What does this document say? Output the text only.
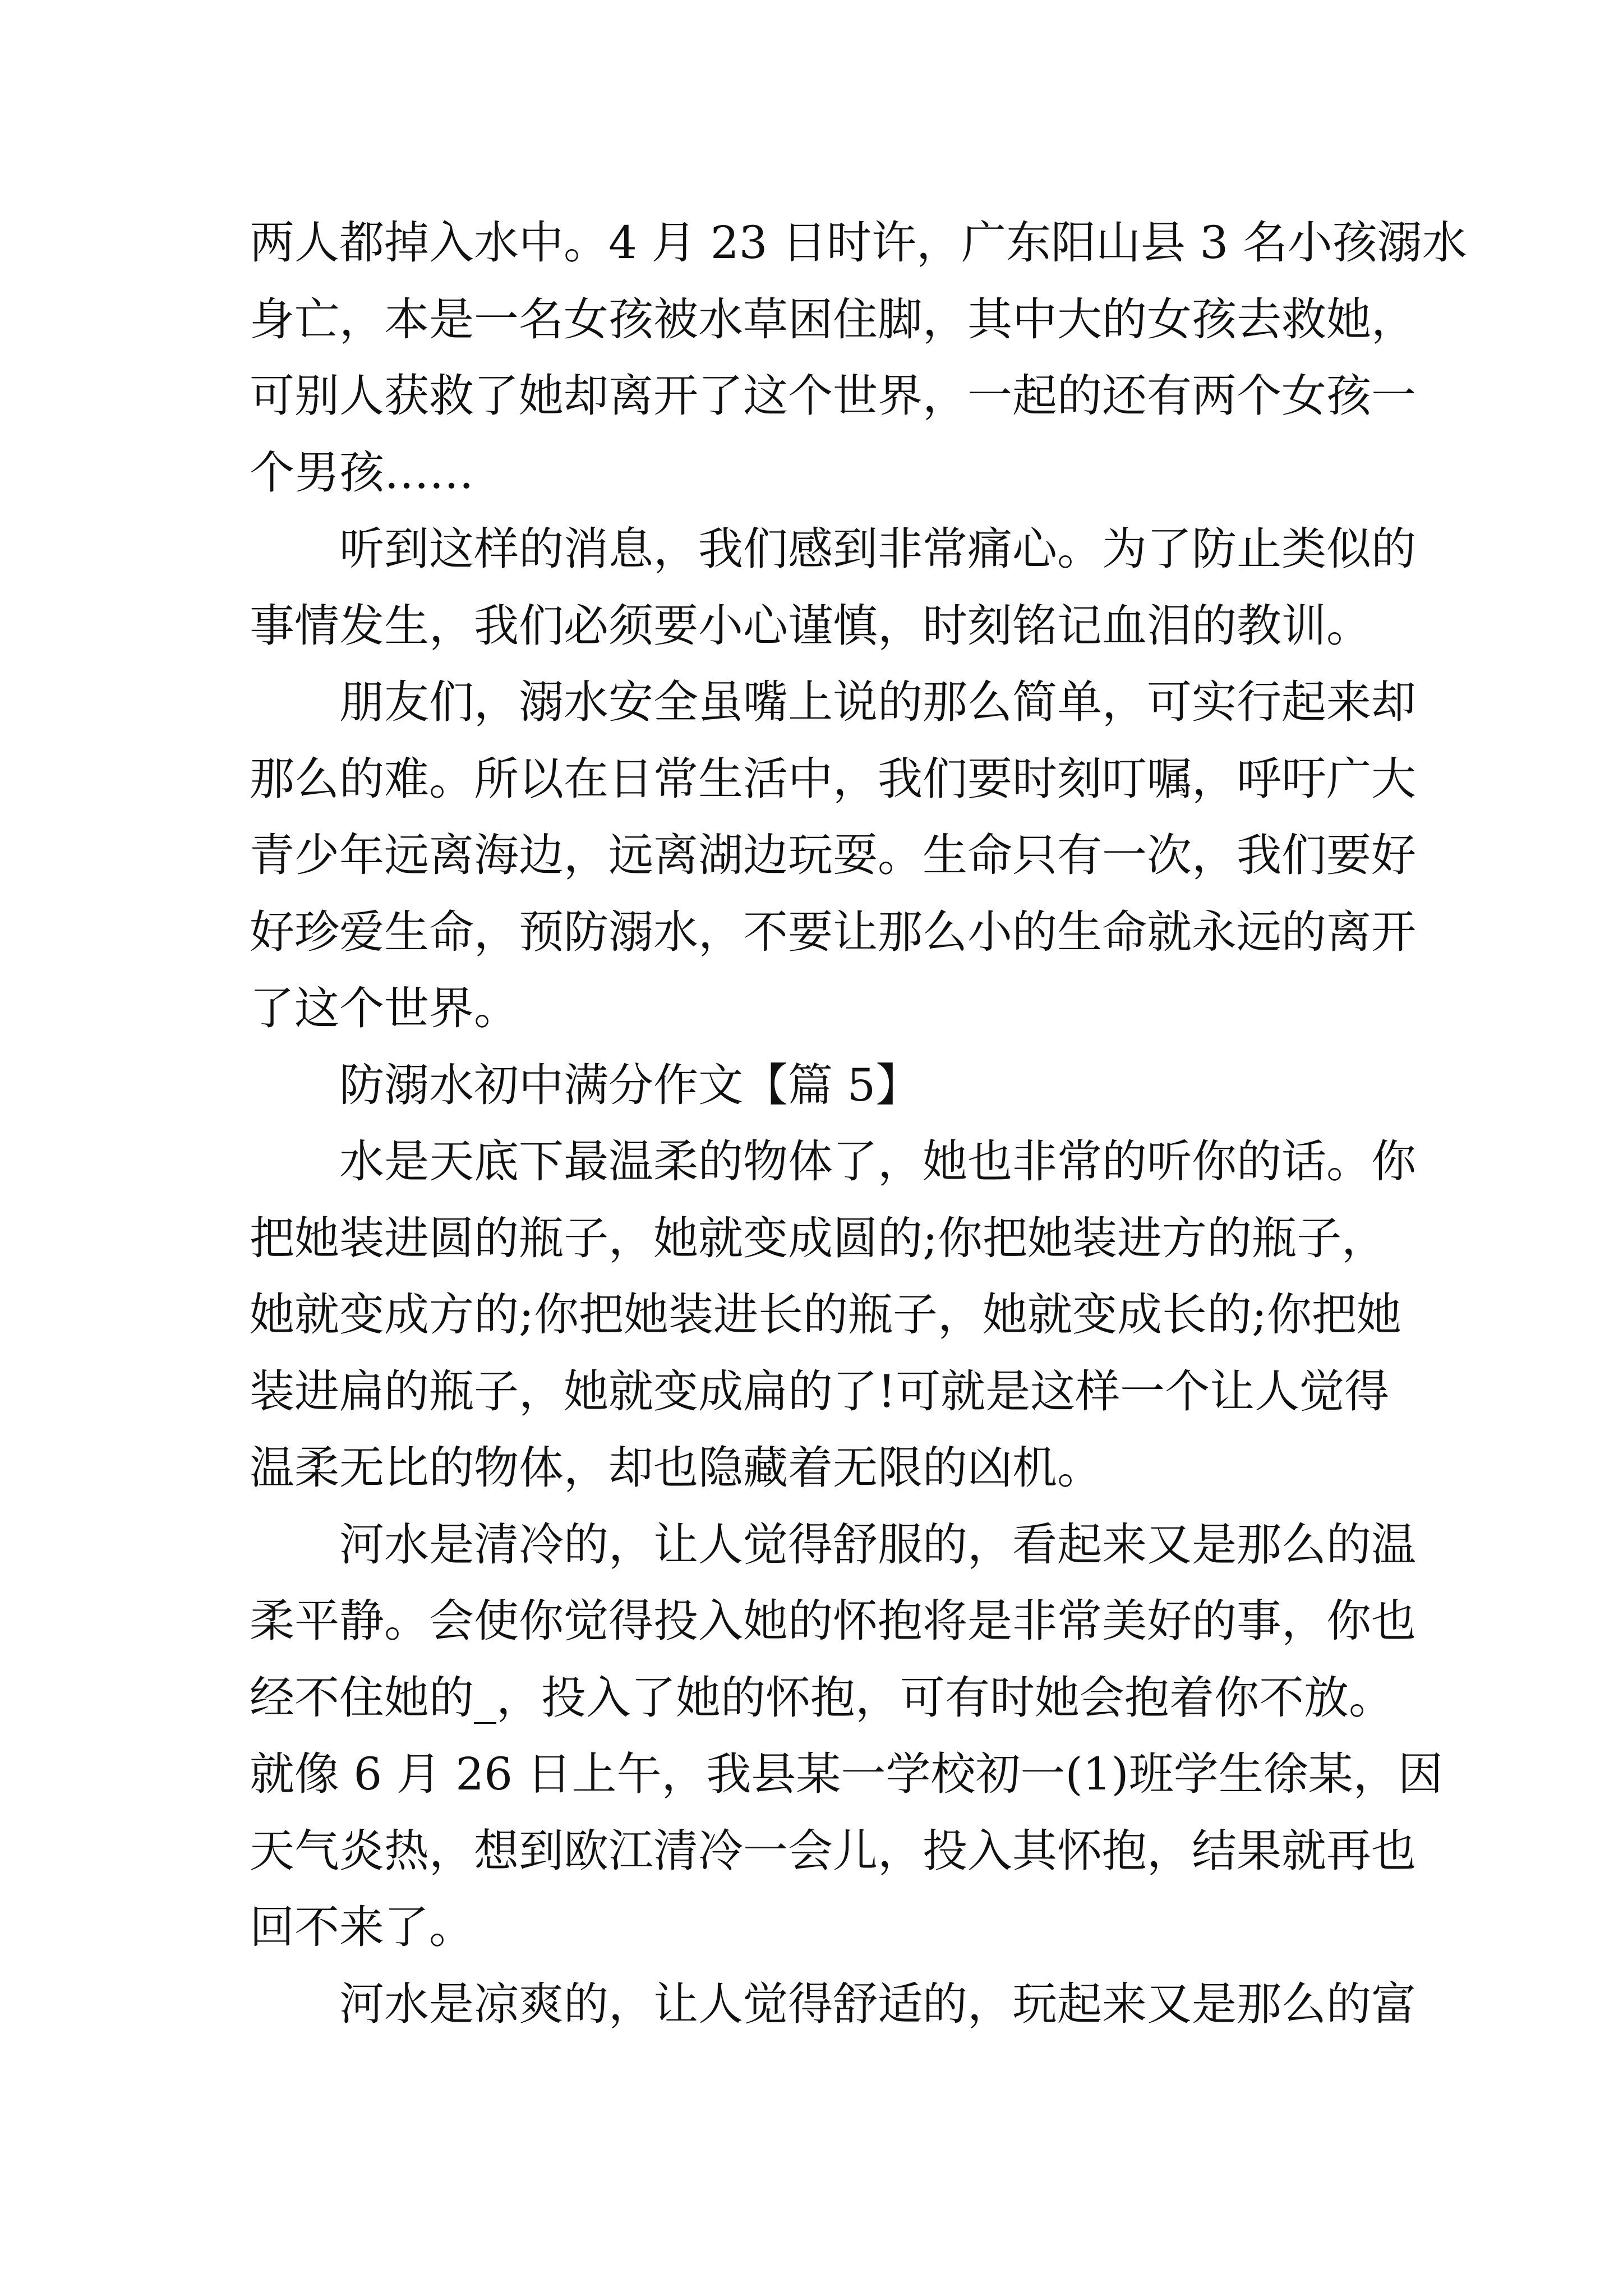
两人都掉入水中。4 月 23 日时许，广东阳山县 3 名小孩溺水

身亡，本是一名女孩被水草困住脚，其中大的女孩去救她，

可别人获救了她却离开了这个世界，一起的还有两个女孩一

个男孩……

听到这样的消息，我们感到非常痛心。为了防止类似的

事情发生，我们必须要小心谨慎，时刻铭记血泪的教训。

朋友们，溺水安全虽嘴上说的那么简单，可实行起来却

那么的难。所以在日常生活中，我们要时刻叮嘱，呼吁广大

青少年远离海边，远离湖边玩耍。生命只有一次，我们要好

好珍爱生命，预防溺水，不要让那么小的生命就永远的离开

了这个世界。

防溺水初中满分作文【篇 5】

水是天底下最温柔的物体了，她也非常的听你的话。你

把她装进圆的瓶子，她就变成圆的;你把她装进方的瓶子，

她就变成方的;你把她装进长的瓶子，她就变成长的;你把她

装进扁的瓶子，她就变成扁的了!可就是这样一个让人觉得

温柔无比的物体，却也隐藏着无限的凶机。

河水是清冷的，让人觉得舒服的，看起来又是那么的温

柔平静。会使你觉得投入她的怀抱将是非常美好的事，你也

经不住她的_，投入了她的怀抱，可有时她会抱着你不放。

就像 6 月 26 日上午，我县某一学校初一(1)班学生徐某，因

天气炎热，想到欧江清冷一会儿，投入其怀抱，结果就再也

回不来了。

河水是凉爽的，让人觉得舒适的，玩起来又是那么的富
